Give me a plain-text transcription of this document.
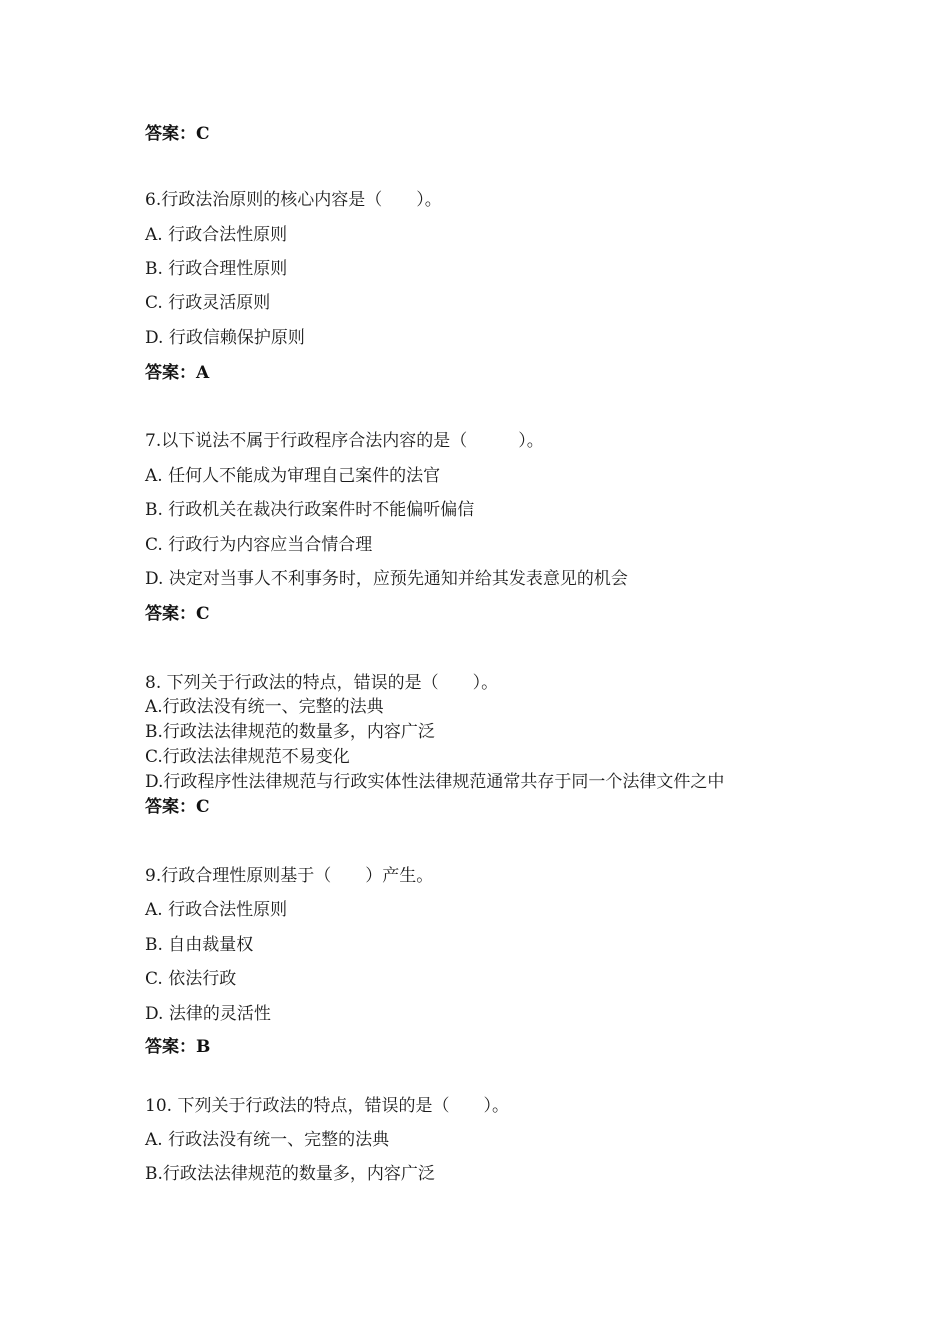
答案：C
6.行政法治原则的核心内容是（　　）。
A. 行政合法性原则
B. 行政合理性原则
C. 行政灵活原则
D. 行政信赖保护原则
答案：A
7.以下说法不属于行政程序合法内容的是（　　　）。
A. 任何人不能成为审理自己案件的法官
B. 行政机关在裁决行政案件时不能偏听偏信
C. 行政行为内容应当合情合理
D. 决定对当事人不利事务时，应预先通知并给其发表意见的机会
答案：C
8. 下列关于行政法的特点，错误的是（　　）。
A.行政法没有统一、完整的法典
B.行政法法律规范的数量多，内容广泛
C.行政法法律规范不易变化
D.行政程序性法律规范与行政实体性法律规范通常共存于同一个法律文件之中
答案：C
9.行政合理性原则基于（　　）产生。
A. 行政合法性原则
B. 自由裁量权
C. 依法行政
D. 法律的灵活性
答案：B
10. 下列关于行政法的特点，错误的是（　　）。
A. 行政法没有统一、完整的法典
B.行政法法律规范的数量多，内容广泛
